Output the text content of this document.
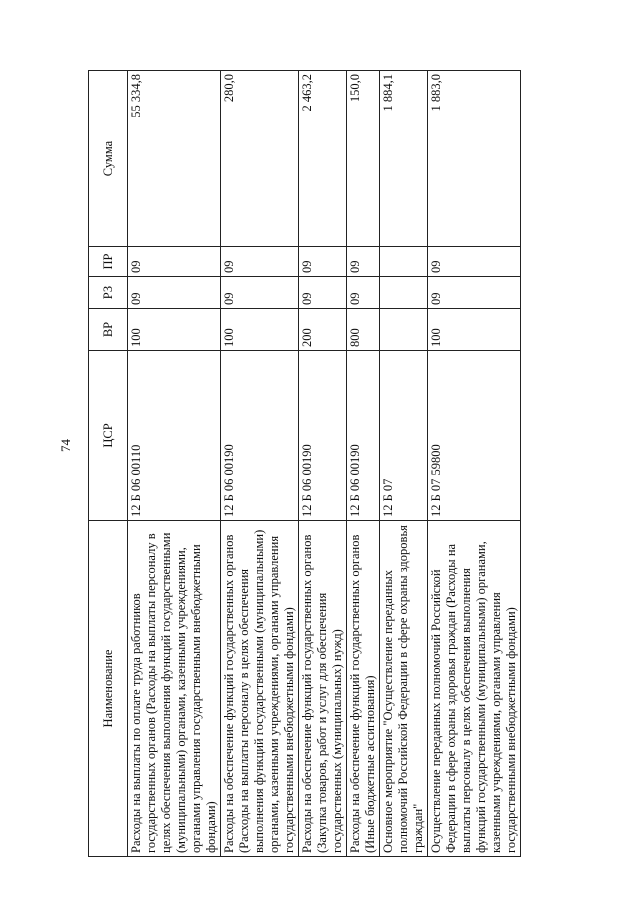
74
Наименование	ЦСР	ВР	РЗ	ПР	Сумма
Расходы на выплаты по оплате труда работников государственных органов (Расходы на выплаты персоналу в целях обеспечения выполнения функций государственными (муниципальными) органами, казенными учреждениями, органами управления государственными внебюджетными фондами)	12 Б 06 00110	100	09	09	55 334,8
Расходы на обеспечение функций государственных органов (Расходы на выплаты персоналу в целях обеспечения выполнения функций государственными (муниципальными) органами, казенными учреждениями, органами управления государственными внебюджетными фондами)	12 Б 06 00190	100	09	09	280,0
Расходы на обеспечение функций государственных органов (Закупка товаров, работ и услуг для обеспечения государственных (муниципальных) нужд)	12 Б 06 00190	200	09	09	2 463,2
Расходы на обеспечение функций государственных органов (Иные бюджетные ассигнования)	12 Б 06 00190	800	09	09	150,0
Основное мероприятие "Осуществление переданных полномочий Российской Федерации в сфере охраны здоровья граждан"	12 Б 07				1 884,1
Осуществление переданных полномочий Российской Федерации в сфере охраны здоровья граждан (Расходы на выплаты персоналу в целях обеспечения выполнения функций государственными (муниципальными) органами, казенными учреждениями, органами управления государственными внебюджетными фондами)	12 Б 07 59800	100	09	09	1 883,0
